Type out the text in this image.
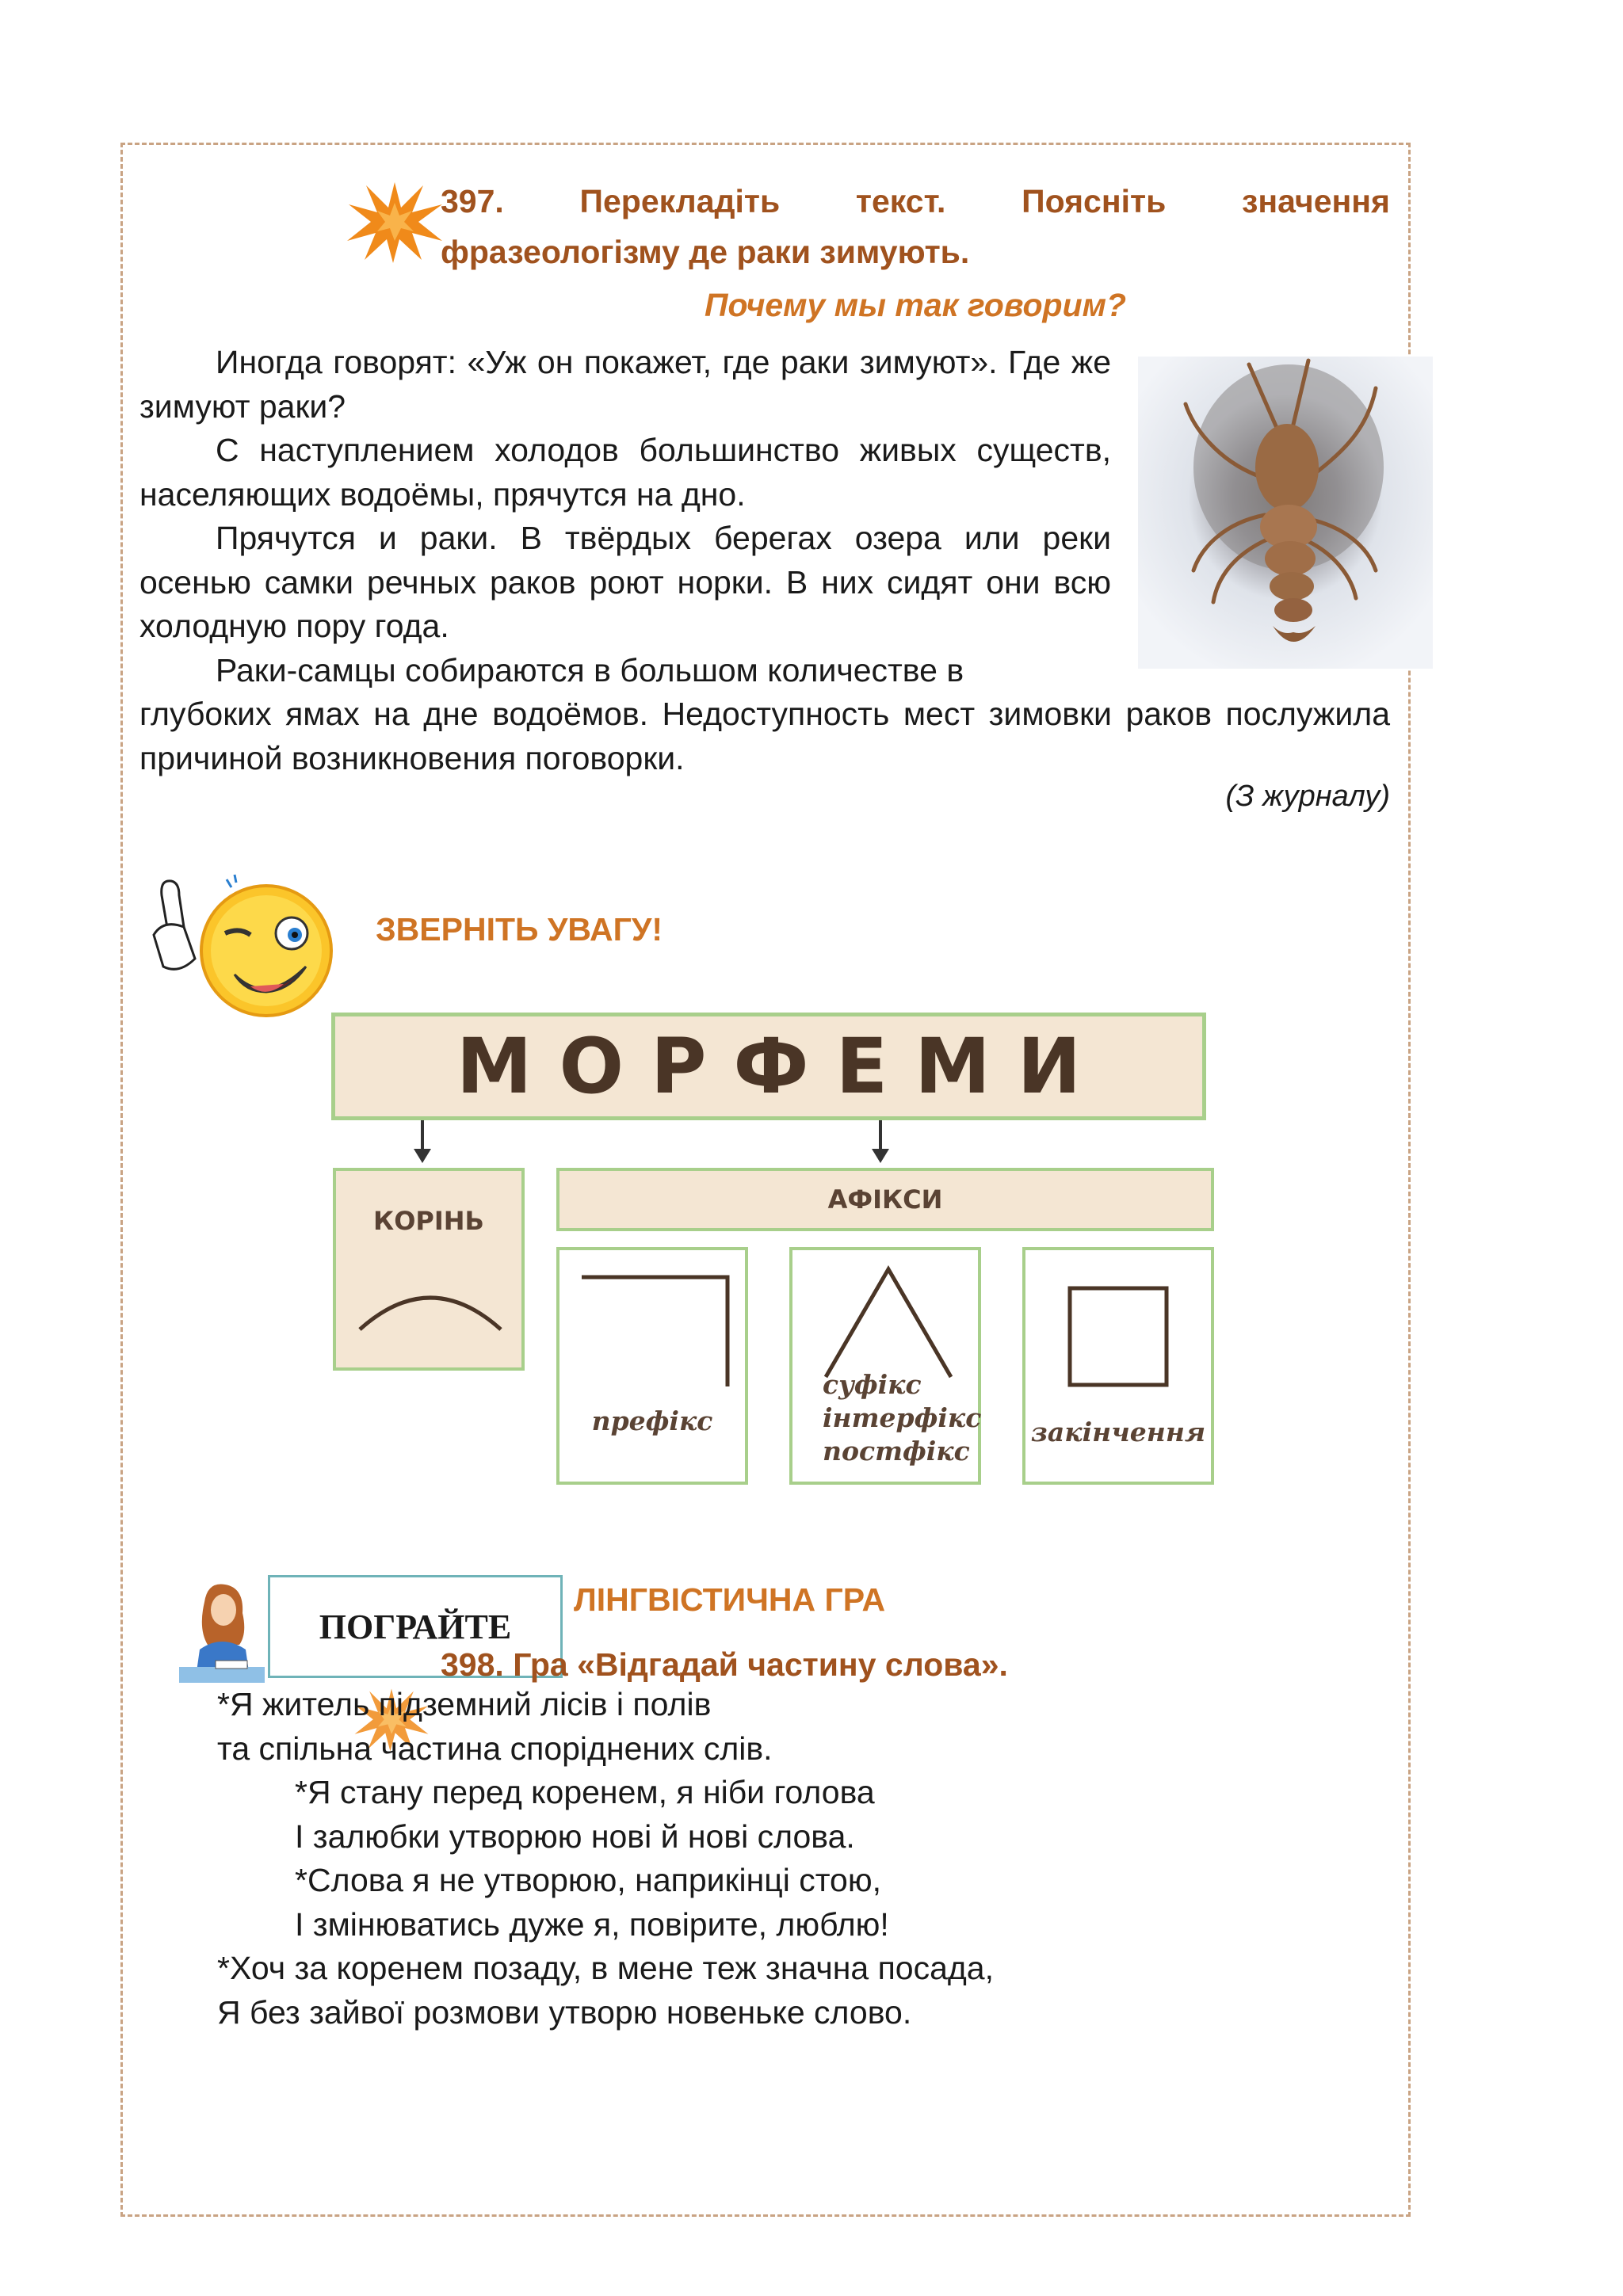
397. Перекладіть текст. Поясніть значення
фразеологізму де раки зимують.
Почему мы так говорим?

Иногда говорят: «Уж он покажет, где раки зимуют». Где же зимуют раки?

С наступлением холодов большинство живых существ, населяющих водоёмы, прячутся на дно.

Прячутся и раки. В твёрдых берегах озера или реки осенью самки речных раков роют норки. В них сидят они всю холодную пору года.

Раки-самцы собираются в большом количестве в

глубоких ямах на дне водоёмов. Недоступность мест зимовки раков послужила причиной возникновения поговорки.

(З журналу)
ЗВЕРНІТЬ УВАГУ!
МОРФЕМИ
КОРІНЬ
АФІКСИ
префікс
суфікс
інтерфікс
постфікс
закінчення
ПОГРАЙТЕ
ЛІНГВІСТИЧНА ГРА
398. Гра «Відгадай частину слова».
*Я житель підземний лісів і полів
та спільна частина споріднених слів.
*Я стану перед коренем, я ніби голова
І залюбки утворюю нові й нові слова.
*Слова я не утворюю, наприкінці стою,
І змінюватись дуже я, повірите, люблю!
*Хоч за коренем позаду, в мене теж значна посада,
Я без зайвої розмови утворю новеньке слово.
